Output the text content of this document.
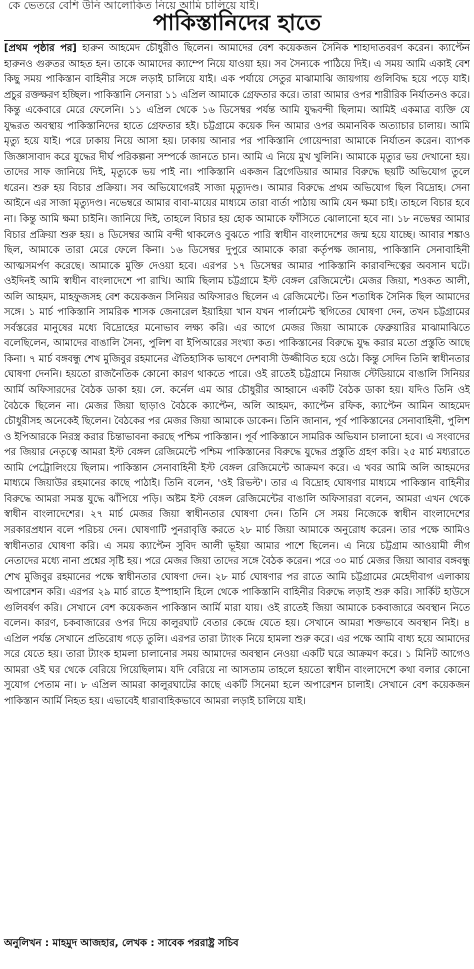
কে ভেতরে বেশি উনি আলোকিত নিয়ে আমি চালিয়ে যাই।
পাকিস্তানিদের হাতে
[প্রথম পৃষ্ঠার পর] হারুন আহমেদ চৌধুরীও ছিলেন। আমাদের বেশ কয়েকজন সৈনিক শাহাদাতবরণ করেন। ক্যাপ্টেন হারুনও গুরুতর আহত হন। তাকে আমাদের ক্যাম্পে নিয়ে যাওয়া হয়। সব সৈন্যকে পাঠিয়ে দিই। এ সময় আমি একাই বেশ কিছু সময় পাকিস্তান বাহিনীর সঙ্গে লড়াই চালিয়ে যাই। এক পর্যায়ে সেতুর মাঝামাঝি জায়গায় গুলিবিদ্ধ হয়ে পড়ে যাই। প্রচুর রক্তক্ষরণ হচ্ছিল। পাকিস্তানি সেনারা ১১ এপ্রিল আমাকে গ্রেফতার করে। তারা আমার ওপর শারীরিক নির্যাতনও করে। কিন্তু একেবারে মেরে ফেলেনি। ১১ এপ্রিল থেকে ১৬ ডিসেম্বর পর্যন্ত আমি যুদ্ধবন্দী ছিলাম। আমিই একমাত্র ব্যক্তি যে যুদ্ধরত অবস্থায় পাকিস্তানিদের হাতে গ্রেফতার হই। চট্টগ্রামে কয়েক দিন আমার ওপর অমানবিক অত্যাচার চালায়। আমি মৃত্যু হয়ে যাই। পরে ঢাকায় নিয়ে আসা হয়। ঢাকায় আনার পর পাকিস্তানি গোয়েন্দারা আমাকে নির্যাতন করেন। ব্যাপক জিজ্ঞাসাবাদ করে যুদ্ধের দীর্ঘ পরিকল্পনা সম্পর্কে জানতে চান। আমি এ নিয়ে মুখ খুলিনি। আমাকে মৃত্যুর ভয় দেখানো হয়। তাদের সাফ জানিয়ে দিই, মৃত্যুকে ভয় পাই না। পাকিস্তানি একজন ব্রিগেডিয়ার আমার বিরুদ্ধে ছয়টি অভিযোগ তুলে ধরেন। শুরু হয় বিচার প্রক্রিয়া। সব অভিযোগেরই সাজা মৃত্যুদণ্ড। আমার বিরুদ্ধে প্রথম অভিযোগ ছিল বিদ্রোহ। সেনা আইনে এর সাজা মৃত্যুদণ্ড। নভেম্বরে আমার বাবা-মায়ের মাধ্যমে তারা বার্তা পাঠায় আমি যেন ক্ষমা চাই। তাহলে বিচার হবে না। কিন্তু আমি ক্ষমা চাইনি। জানিয়ে দিই, তাহলে বিচার হয় হোক আমাকে ফাঁসিতে ঝোলানো হবে না। ১৮ নভেম্বর আমার বিচার প্রক্রিয়া শুরু হয়। ৪ ডিসেম্বর আমি বন্দী থাকলেও বুঝতে পারি স্বাধীন বাংলাদেশের জন্ম হয়ে যাচ্ছে। আবার শঙ্কাও ছিল, আমাকে তারা মেরে ফেলে কিনা। ১৬ ডিসেম্বর দুপুরে আমাকে কারা কর্তৃপক্ষ জানায়, পাকিস্তানি সেনাবাহিনী আত্মসমর্পণ করেছে। আমাকে মুক্তি দেওয়া হবে। এরপর ১৭ ডিসেম্বর আমার পাকিস্তানি কারাবন্দিত্বের অবসান ঘটে। ওইদিনই আমি স্বাধীন বাংলাদেশে পা রাখি। আমি ছিলাম চট্টগ্রামে ইস্ট বেঙ্গল রেজিমেন্টে। মেজর জিয়া, শওকত আলী, অলি আহমদ, মাহফুজসহ বেশ কয়েকজন সিনিয়র অফিসারও ছিলেন এ রেজিমেন্টে। তিন শতাধিক সৈনিক ছিল আমাদের সঙ্গে। ১ মার্চ পাকিস্তানি সামরিক শাসক জেনারেল ইয়াহিয়া খান যখন পার্লামেন্ট স্থগিতের ঘোষণা দেন, তখন চট্টগ্রামের সর্বস্তরের মানুষের মধ্যে বিদ্রোহের মনোভাব লক্ষ্য করি। এর আগে মেজর জিয়া আমাকে ফেব্রুয়ারির মাঝামাঝিতে বলেছিলেন, আমাদের বাঙালি সৈন্য, পুলিশ বা ইপিআরের সংখ্যা কত। পাকিস্তানের বিরুদ্ধে যুদ্ধ করার মতো প্রস্তুতি আছে কিনা। ৭ মার্চ বঙ্গবন্ধু শেখ মুজিবুর রহমানের ঐতিহাসিক ভাষণে দেশবাসী উজ্জীবিত হয়ে ওঠে। কিন্তু সেদিন তিনি স্বাধীনতার ঘোষণা দেননি। হয়তো রাজনৈতিক কোনো কারণ থাকতে পারে। ওই রাতেই চট্টগ্রামে নিয়াজ স্টেডিয়ামে বাঙালি সিনিয়র আর্মি অফিসারদের বৈঠক ডাকা হয়। লে. কর্নেল এম আর চৌধুরীর আহ্বানে একটি বৈঠক ডাকা হয়। যদিও তিনি ওই বৈঠকে ছিলেন না। মেজর জিয়া ছাড়াও বৈঠকে ক্যাপ্টেন, অলি আহমদ, ক্যাপ্টেন রফিক, ক্যাপ্টেন আমিন আহমেদ চৌধুরীসহ অনেকেই ছিলেন। বৈঠকের পর মেজর জিয়া আমাকে ডাকেন। তিনি জানান, পূর্ব পাকিস্তানের সেনাবাহিনী, পুলিশ ও ইপিআরকে নিরস্ত্র করার চিন্তাভাবনা করছে পশ্চিম পাকিস্তান। পূর্ব পাকিস্তানে সামরিক অভিযান চালানো হবে। এ সংবাদের পর জিয়ার নেতৃত্বে আমরা ইস্ট বেঙ্গল রেজিমেন্টে পশ্চিম পাকিস্তানের বিরুদ্ধে যুদ্ধের প্রস্তুতি গ্রহণ করি। ২৫ মার্চ মধ্যরাতে আমি পেট্রোলিংয়ে ছিলাম। পাকিস্তান সেনাবাহিনী ইস্ট বেঙ্গল রেজিমেন্টে আক্রমণ করে। এ খবর আমি অলি আহমদের মাধ্যমে জিয়াউর রহমানের কাছে পাঠাই। তিনি বলেন, 'ওই রিভল্ট'। তার এ বিদ্রোহ ঘোষণার মাধ্যমে পাকিস্তান বাহিনীর বিরুদ্ধে আমরা সমস্ত যুদ্ধে ঝাঁপিয়ে পড়ি। অষ্টম ইস্ট বেঙ্গল রেজিমেন্টের বাঙালি অফিসাররা বলেন, আমরা এখন থেকে স্বাধীন বাংলাদেশের। ২৭ মার্চ মেজর জিয়া স্বাধীনতার ঘোষণা দেন। তিনি সে সময় নিজেকে স্বাধীন বাংলাদেশের সরকারপ্রধান বলে পরিচয় দেন। ঘোষণাটি পুনরাবৃত্তি করতে ২৮ মার্চ জিয়া আমাকে অনুরোধ করেন। তার পক্ষে আমিও স্বাধীনতার ঘোষণা করি। এ সময় ক্যাপ্টেন সুবিদ আলী ভূইয়া আমার পাশে ছিলেন। এ নিয়ে চট্টগ্রাম আওয়ামী লীগ নেতাদের মধ্যে নানা প্রশ্নের সৃষ্টি হয়। পরে মেজর জিয়া তাদের সঙ্গে বৈঠক করেন। পরে ৩০ মার্চ মেজর জিয়া আবার বঙ্গবন্ধু শেখ মুজিবুর রহমানের পক্ষে স্বাধীনতার ঘোষণা দেন। ২৮ মার্চ ঘোষণার পর রাতে আমি চট্টগ্রামের মেহেদীবাগ এলাকায় অপারেশন করি। এরপর ২৯ মার্চ রাতে ইস্পাহানি হিলে থেকে পাকিস্তানি বাহিনীর বিরুদ্ধে লড়াই শুরু করি। সার্কিট হাউসে গুলিবর্ষণ করি। সেখানে বেশ কয়েকজন পাকিস্তান আর্মি মারা যায়। ওই রাতেই জিয়া আমাকে চকবাজারে অবস্থান নিতে বলেন। কারণ, চকবাজারের ওপর দিয়ে কালুরঘাট বেতার কেন্দ্রে যেতে হয়। সেখানে আমরা শক্তভাবে অবস্থান নিই। ৪ এপ্রিল পর্যন্ত সেখানে প্রতিরোধ গড়ে তুলি। এরপর তারা ট্যাংক নিয়ে হামলা শুরু করে। এর পক্ষে আমি বাধ্য হয়ে আমাদের সরে যেতে হয়। তারা ট্যাংক হামলা চালানোর সময় আমাদের অবস্থান নেওয়া একটি ঘরে আক্রমণ করে। ১ মিনিট আগেও আমরা ওই ঘর থেকে বেরিয়ে গিয়েছিলাম। যদি বেরিয়ে না আসতাম তাহলে হয়তো স্বাধীন বাংলাদেশে কথা বলার কোনো সুযোগ পেতাম না। ৮ এপ্রিল আমরা কালুরঘাটের কাছে একটি সিনেমা হলে অপারেশন চালাই। সেখানে বেশ কয়েকজন পাকিস্তান আর্মি নিহত হয়। এভাবেই ধারাবাহিকভাবে আমরা লড়াই চালিয়ে যাই।
অনুলিখন : মাহমুদ আজহার, লেখক : সাবেক পররাষ্ট্র সচিব
